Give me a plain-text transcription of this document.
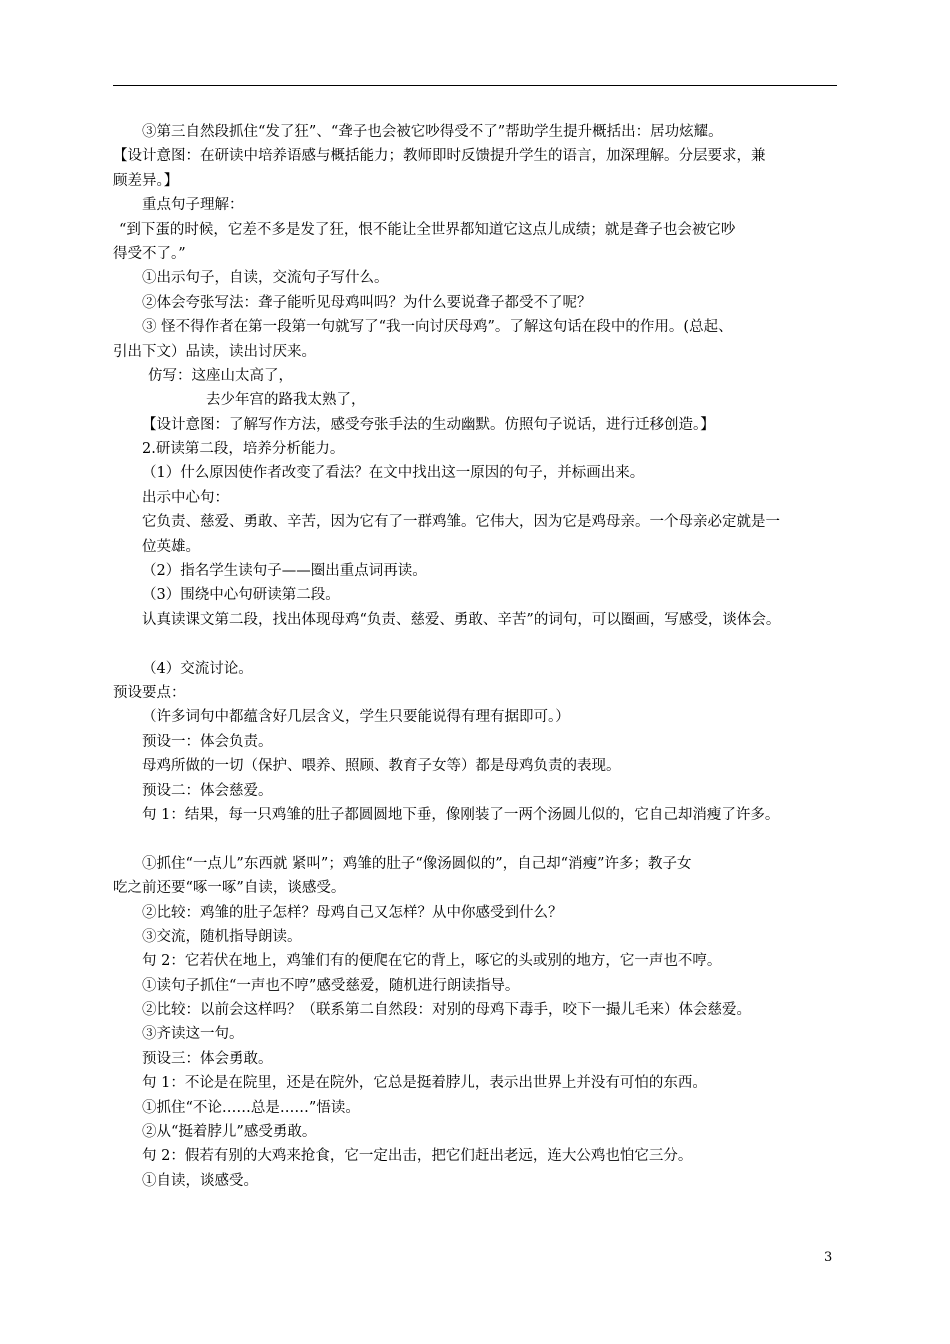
③第三自然段抓住“发了狂”、“聋子也会被它吵得受不了”帮助学生提升概括出：居功炫耀。
【设计意图：在研读中培养语感与概括能力；教师即时反馈提升学生的语言，加深理解。分层要求，兼
顾差异。】
重点句子理解：
“到下蛋的时候，它差不多是发了狂，恨不能让全世界都知道它这点儿成绩；就是聋子也会被它吵
得受不了。”
①出示句子，自读，交流句子写什么。
②体会夸张写法：聋子能听见母鸡叫吗？为什么要说聋子都受不了呢？
③ 怪不得作者在第一段第一句就写了“我一向讨厌母鸡”。了解这句话在段中的作用。(总起、
引出下文）品读，读出讨厌来。
仿写：这座山太高了，
去少年宫的路我太熟了，
【设计意图：了解写作方法，感受夸张手法的生动幽默。仿照句子说话，进行迁移创造。】
2.研读第二段，培养分析能力。
（1）什么原因使作者改变了看法？在文中找出这一原因的句子，并标画出来。
出示中心句：
它负责、慈爱、勇敢、辛苦，因为它有了一群鸡雏。它伟大，因为它是鸡母亲。一个母亲必定就是一
位英雄。
（2）指名学生读句子——圈出重点词再读。
（3）围绕中心句研读第二段。
认真读课文第二段，找出体现母鸡“负责、慈爱、勇敢、辛苦”的词句，可以圈画，写感受，谈体会。
（4）交流讨论。
预设要点：
（许多词句中都蕴含好几层含义，学生只要能说得有理有据即可。）
预设一：体会负责。
母鸡所做的一切（保护、喂养、照顾、教育子女等）都是母鸡负责的表现。
预设二：体会慈爱。
句 1：结果，每一只鸡雏的肚子都圆圆地下垂，像刚装了一两个汤圆儿似的，它自己却消瘦了许多。
①抓住“一点儿”东西就 紧叫”；鸡雏的肚子“像汤圆似的”，自己却“消瘦”许多；教子女
吃之前还要“啄一啄”自读，谈感受。
②比较：鸡雏的肚子怎样？母鸡自己又怎样？从中你感受到什么？
③交流，随机指导朗读。
句 2：它若伏在地上，鸡雏们有的便爬在它的背上，啄它的头或别的地方，它一声也不哼。
①读句子抓住“一声也不哼”感受慈爱，随机进行朗读指导。
②比较：以前会这样吗？（联系第二自然段：对别的母鸡下毒手，咬下一撮儿毛来）体会慈爱。
③齐读这一句。
预设三：体会勇敢。
句 1：不论是在院里，还是在院外，它总是挺着脖儿，表示出世界上并没有可怕的东西。
①抓住“不论……总是……”悟读。
②从“挺着脖儿”感受勇敢。
句 2：假若有别的大鸡来抢食，它一定出击，把它们赶出老远，连大公鸡也怕它三分。
①自读，谈感受。
3
